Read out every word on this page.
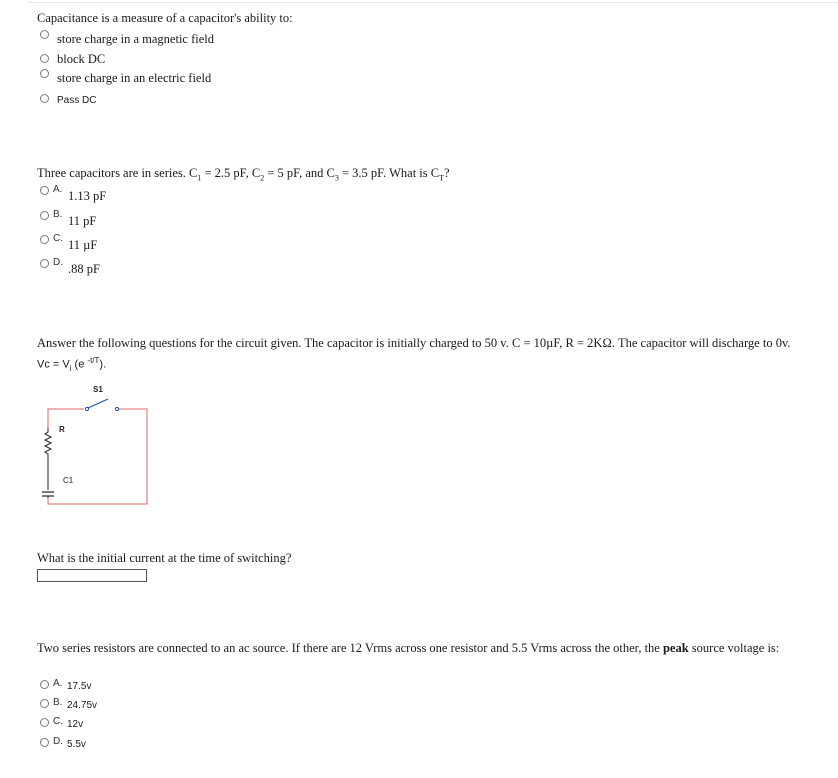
Capacitance is a measure of a capacitor's ability to:
store charge in a magnetic field
block DC
store charge in an electric field
Pass DC
Three capacitors are in series. $C_1 = 2.5$ pF, $C_2 = 5$ pF, and $C_3 = 3.5$ pF. What is $C_T$?
A. 1.13 pF
B. 11 pF
C. 11 µF
D. .88 pF
Answer the following questions for the circuit given. The capacitor is initially charged to 50 v. C = 10µF, R = 2KΩ. The capacitor will discharge to 0v.
$Vc = V_i$ (e $^{-t/T}$).
S1
R
C1
What is the initial current at the time of switching?
Two series resistors are connected to an ac source. If there are 12 Vrms across one resistor and 5.5 Vrms across the other, the peak source voltage is:
A. 17.5v
B. 24.75v
C. 12v
D. 5.5v
